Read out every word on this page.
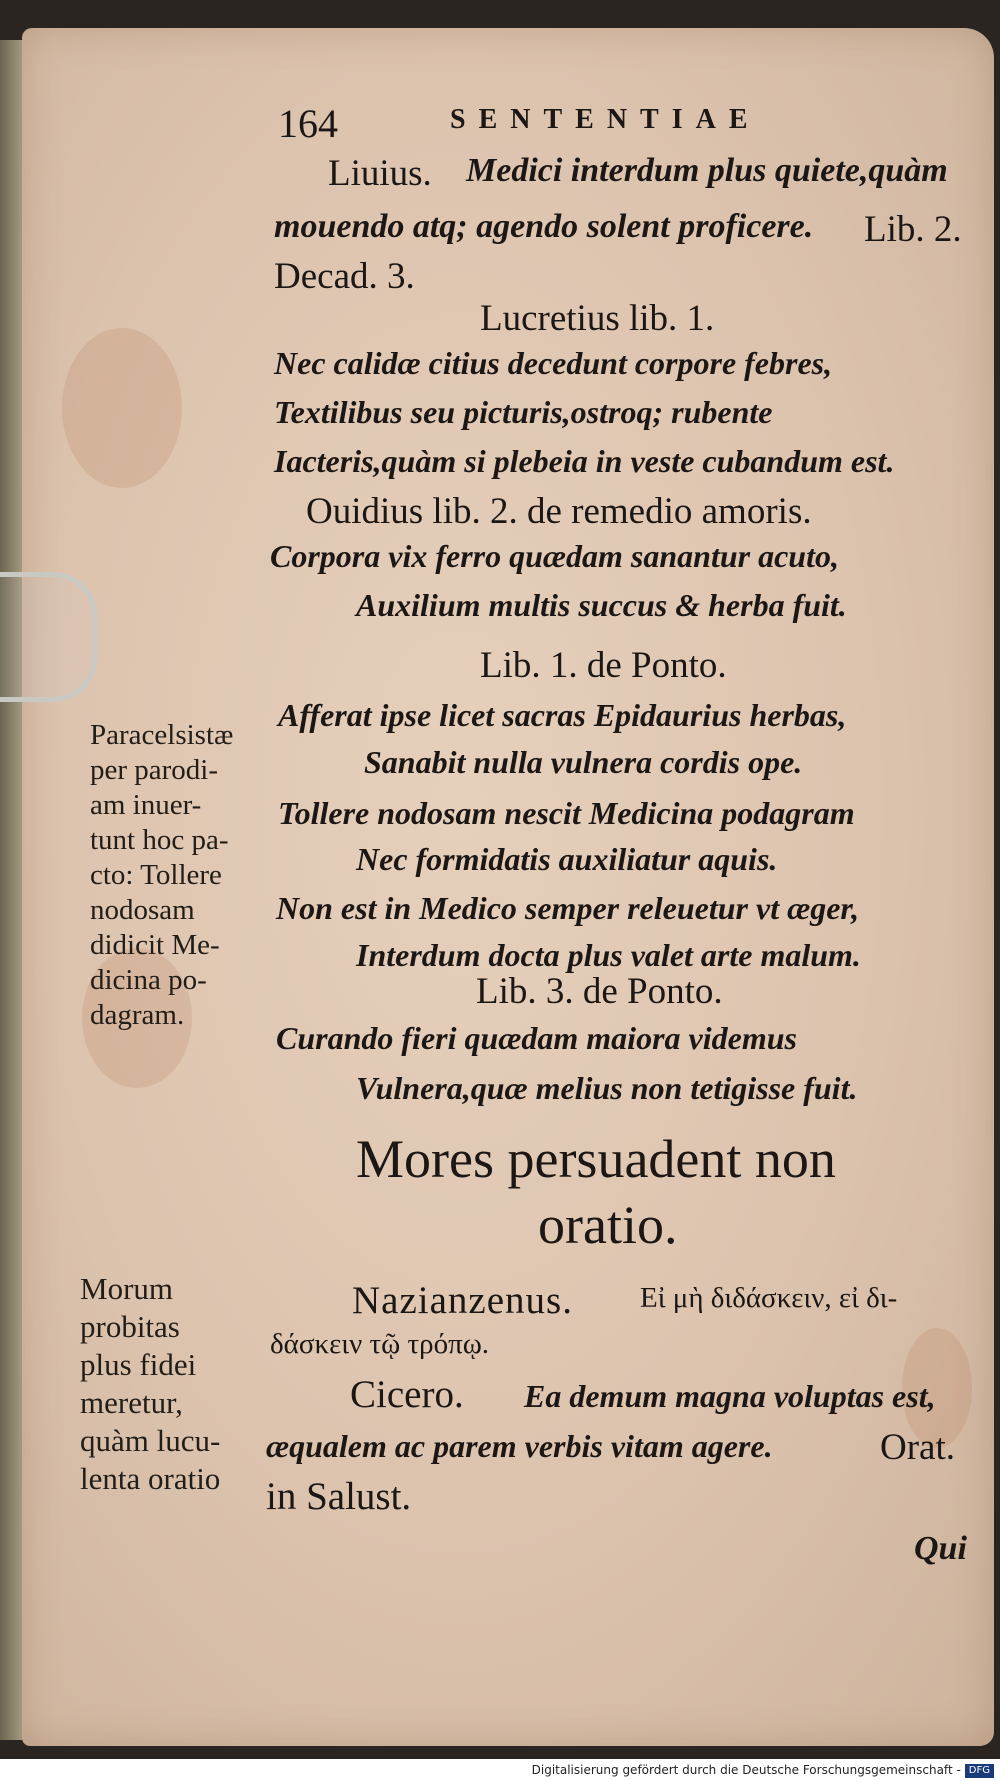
164	SENTENTIAE
Liuius. Medici interdum plus quiete,quàm
mouendo atq; agendo solent proficere. Lib. 2.
Decad. 3.
Lucretius lib. 1.
Nec calidæ citius decedunt corpore febres,
Textilibus seu picturis,ostroq; rubente
Iacteris,quàm si plebeia in veste cubandum est.
Ouidius lib. 2. de remedio amoris.
Corpora vix ferro quædam sanantur acuto,
Auxilium multis succus & herba fuit.
Lib. 1. de Ponto.
Afferat ipse licet sacras Epidaurius herbas,
Sanabit nulla vulnera cordis ope.
Tollere nodosam nescit Medicina podagram
Nec formidatis auxiliatur aquis.
Non est in Medico semper releuetur vt æger,
Interdum docta plus valet arte malum.
Lib. 3. de Ponto.
Curando fieri quædam maiora videmus
Vulnera,quæ melius non tetigisse fuit.
Mores persuadent non
oratio.
Nazianzenus. Εἰ μὴ διδάσκειν, εἰ δι-
δάσκειν τῷ τρόπῳ.
Cicero. Ea demum magna voluptas est,
æqualem ac parem verbis vitam agere.	Orat.
in Salust.
Qui
Paracelsistæ
per parodi-
am inuer-
tunt hoc pa-
cto: Tollere
nodosam
didicit Me-
dicina po-
dagram.
Morum
probitas
plus fidei
meretur,
quàm lucu-
lenta oratio
Digitalisierung gefördert durch die Deutsche Forschungsgemeinschaft - DFG
